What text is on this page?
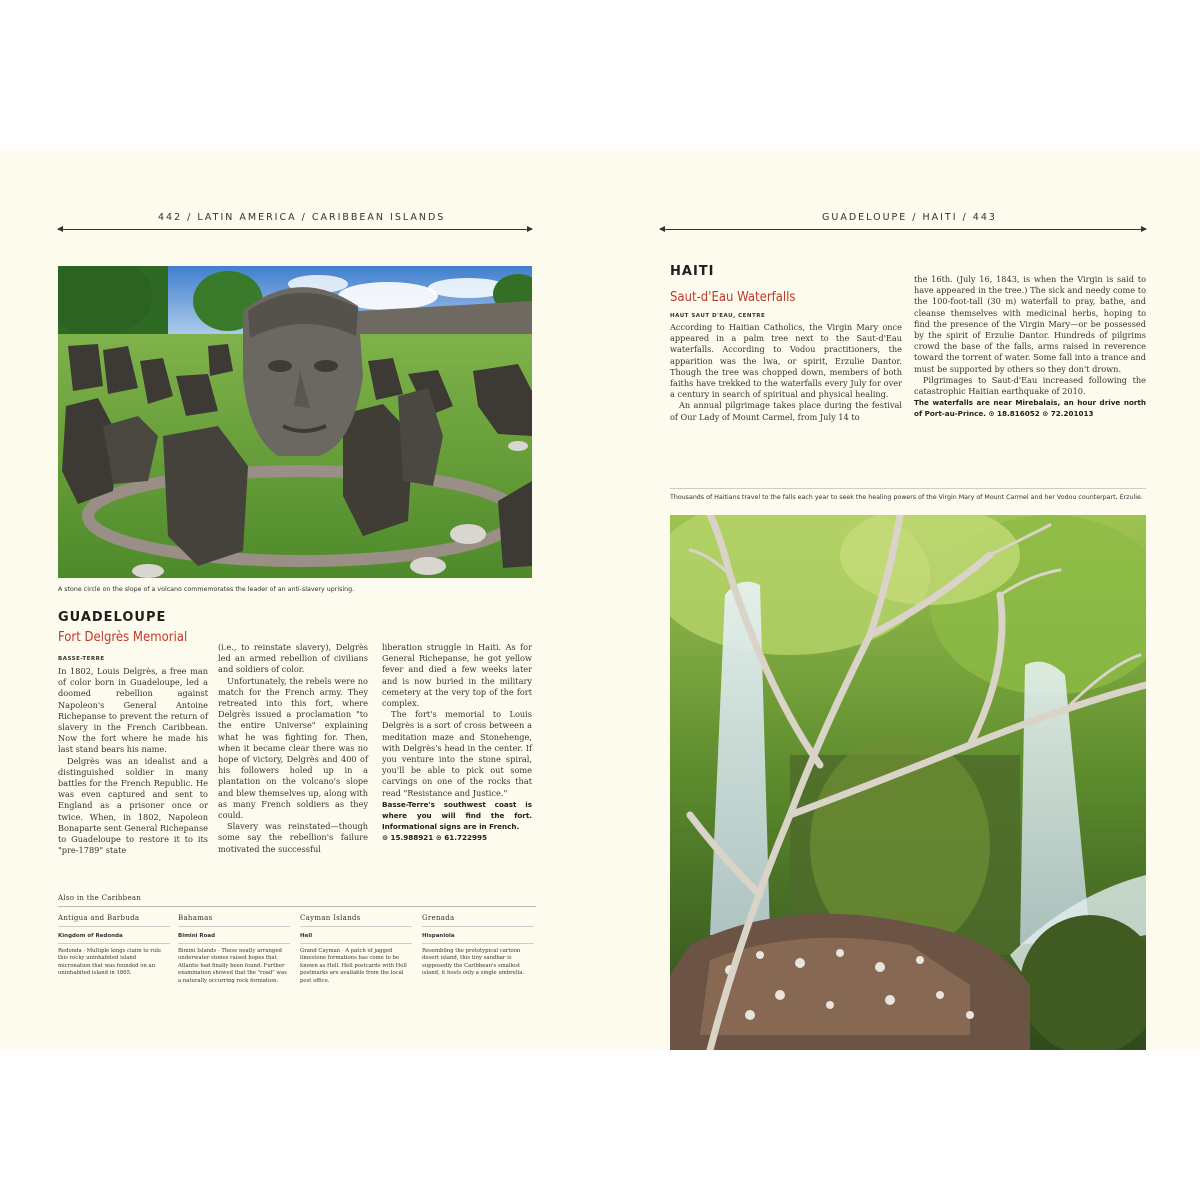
442 / LATIN AMERICA / CARIBBEAN ISLANDS
A stone circle on the slope of a volcano commemorates the leader of an anti-slavery uprising.
GUADELOUPE
Fort Delgrès Memorial
BASSE-TERRE

In 1802, Louis Delgrès, a free man of color born in Guadeloupe, led a doomed rebellion against Napoleon's General Antoine Richepanse to prevent the return of slavery in the French Caribbean. Now the fort where he made his last stand bears his name.

Delgrès was an idealist and a distinguished soldier in many battles for the French Republic. He was even captured and sent to England as a prisoner once or twice. When, in 1802, Napoleon Bonaparte sent General Richepanse to Guadeloupe to restore it to its "pre-1789" state

(i.e., to reinstate slavery), Delgrès led an armed rebellion of civilians and soldiers of color.

Unfortunately, the rebels were no match for the French army. They retreated into this fort, where Delgrès issued a proclamation "to the entire Universe" explaining what he was fighting for. Then, when it became clear there was no hope of victory, Delgrès and 400 of his followers holed up in a plantation on the volcano's slope and blew themselves up, along with as many French soldiers as they could.

Slavery was reinstated—though some say the rebellion's failure motivated the successful

liberation struggle in Haiti. As for General Richepanse, he got yellow fever and died a few weeks later and is now buried in the military cemetery at the very top of the fort complex.

The fort's memorial to Louis Delgrès is a sort of cross between a meditation maze and Stonehenge, with Delgrès's head in the center. If you venture into the stone spiral, you'll be able to pick out some carvings on one of the rocks that read "Resistance and Justice."

Basse-Terre's southwest coast is where you will find the fort. Informational signs are in French.

⊙ 15.988921 ⊙ 61.722995

Also in the Caribbean
Antigua and Barbuda
Kingdom of Redonda
Redonda · Multiple kings claim to rule this rocky uninhabited island micronation that was founded on an uninhabited island in 1865.
Bahamas
Bimini Road
Bimini Islands · These neatly arranged underwater stones raised hopes that Atlantis had finally been found. Further examination showed that the "road" was a naturally occurring rock formation.
Cayman Islands
Hell
Grand Cayman · A patch of jagged limestone formations has come to be known as Hell. Hell postcards with Hell postmarks are available from the local post office.
Grenada
Hispaniola
Resembling the prototypical cartoon desert island, this tiny sandbar is supposedly the Caribbean's smallest island, it hosts only a single umbrella.
GUADELOUPE / HAITI / 443
HAITI
Saut-d'Eau Waterfalls
HAUT SAUT D'EAU, CENTRE

According to Haitian Catholics, the Virgin Mary once appeared in a palm tree next to the Saut-d'Eau waterfalls. According to Vodou practitioners, the apparition was the lwa, or spirit, Erzulie Dantor. Though the tree was chopped down, members of both faiths have trekked to the waterfalls every July for over a century in search of spiritual and physical healing.

An annual pilgrimage takes place during the festival of Our Lady of Mount Carmel, from July 14 to

the 16th. (July 16, 1843, is when the Virgin is said to have appeared in the tree.) The sick and needy come to the 100-foot-tall (30 m) waterfall to pray, bathe, and cleanse themselves with medicinal herbs, hoping to find the presence of the Virgin Mary—or be possessed by the spirit of Erzulie Dantor. Hundreds of pilgrims crowd the base of the falls, arms raised in reverence toward the torrent of water. Some fall into a trance and must be supported by others so they don't drown.

Pilgrimages to Saut-d'Eau increased following the catastrophic Haitian earthquake of 2010.

The waterfalls are near Mirebalais, an hour drive north of Port-au-Prince. ⊙ 18.816052 ⊙ 72.201013

Thousands of Haitians travel to the falls each year to seek the healing powers of the Virgin Mary of Mount Carmel and her Vodou counterpart, Erzulie.
